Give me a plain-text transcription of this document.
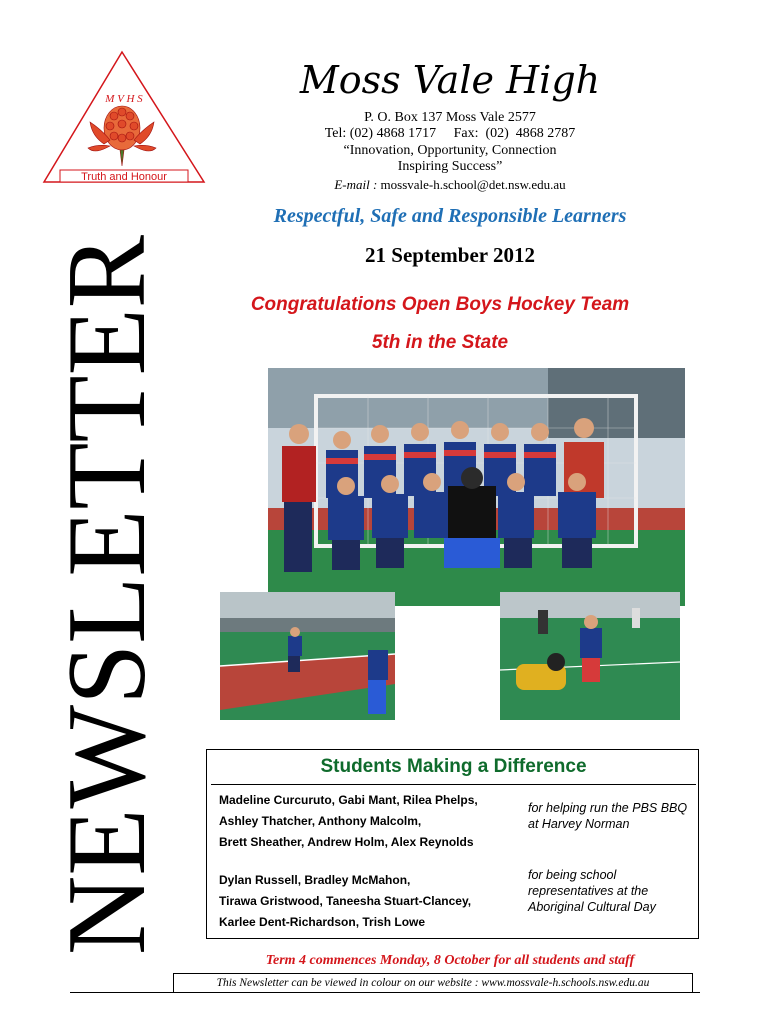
Truth and Honour
M V H S	Moss Vale High
P. O. Box 137 Moss Vale 2577
Tel: (02) 4868 1717     Fax:  (02)  4868 2787
“Innovation, Opportunity, Connection
Inspiring Success”
E-mail : mossvale-h.school@det.nsw.edu.au
Respectful, Safe and Responsible Learners
21 September 2012
NEWSLETTER	Congratulations Open Boys Hockey Team
5th in the State
Students Making a Difference
Madeline Curcuruto, Gabi Mant, Rilea Phelps,
Ashley Thatcher, Anthony Malcolm,
Brett Sheather, Andrew Holm, Alex Reynolds
for helping run the PBS BBQ
at Harvey Norman
Dylan Russell, Bradley McMahon,
Tirawa Gristwood, Taneesha Stuart-Clancey,
Karlee Dent-Richardson, Trish Lowe
for being school
representatives at the
Aboriginal Cultural Day
Term 4 commences Monday, 8 October for all students and staff
This Newsletter can be viewed in colour on our website : www.mossvale-h.schools.nsw.edu.au
